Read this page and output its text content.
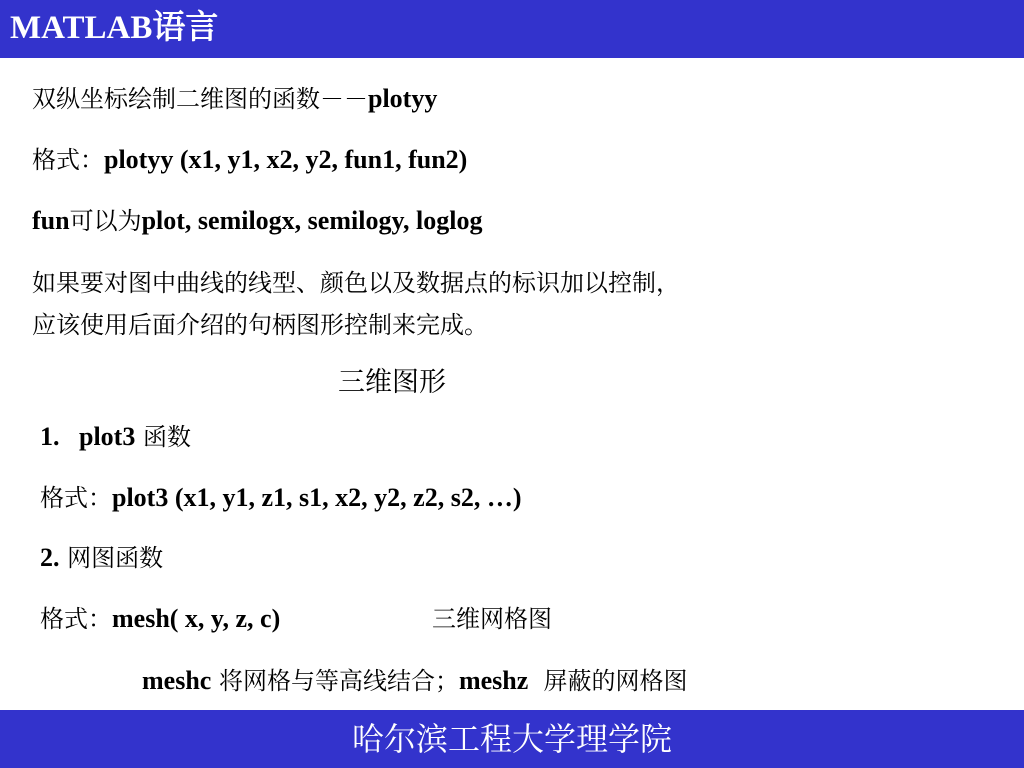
MATLAB语言
双纵坐标绘制二维图的函数－－plotyy
格式：plotyy (x1, y1, x2, y2, fun1, fun2)
fun可以为plot, semilogx, semilogy, loglog
如果要对图中曲线的线型、颜色以及数据点的标识加以控制，
应该使用后面介绍的句柄图形控制来完成。
三维图形
1.   plot3 函数
格式：plot3 (x1, y1, z1, s1, x2, y2, z2, s2, …)
2. 网图函数
格式：mesh( x, y, z, c)	三维网格图
meshc 将网格与等高线结合；meshz  屏蔽的网格图
哈尔滨工程大学理学院
